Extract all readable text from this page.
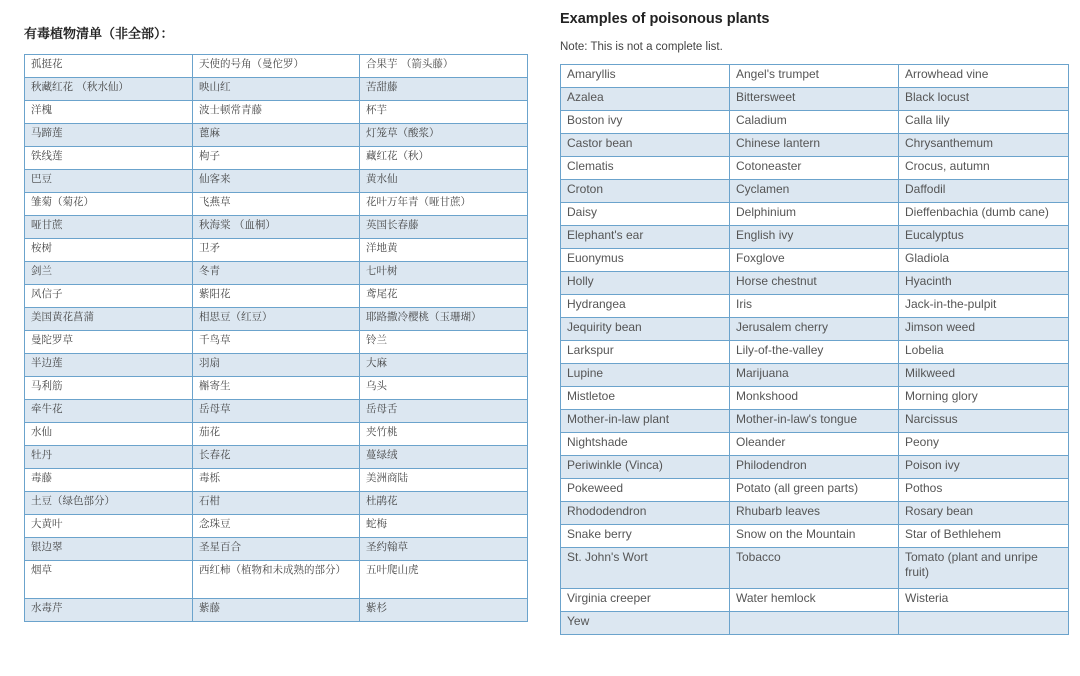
有毒植物清单（非全部）：
孤挺花	天使的号角（曼佗罗）	合果芋 （箭头藤）
秋藏红花 （秋水仙）	映山红	苦甜藤
洋槐	波士顿常青藤	杯芋
马蹄莲	蓖麻	灯笼草（酸浆）
铁线莲	枸子	藏红花（秋）
巴豆	仙客来	黄水仙
雏菊（菊花）	飞燕草	花叶万年青（哑甘蔗）
哑甘蔗	秋海棠 （血桐）	英国长春藤
桉树	卫矛	洋地黄
剑兰	冬青	七叶树
风信子	紫阳花	鸢尾花
美国黄花菖蒲	相思豆（红豆）	耶路撒冷樱桃（玉珊瑚）
曼陀罗草	千鸟草	铃兰
半边莲	羽扇	大麻
马利筋	槲寄生	乌头
牵牛花	岳母草	岳母舌
水仙	茄花	夹竹桃
牡丹	长春花	蔓绿绒
毒藤	毒栎	美洲商陆
土豆（绿色部分）	石柑	杜鹃花
大黄叶	念珠豆	蛇梅
银边翠	圣星百合	圣约翰草
烟草	西红柿（植物和未成熟的部分）	五叶爬山虎
水毒芹	紫藤	紫杉
Examples of poisonous plants
Note: This is not a complete list.
Amaryllis	Angel's trumpet	Arrowhead vine
Azalea	Bittersweet	Black locust
Boston ivy	Caladium	Calla lily
Castor bean	Chinese lantern	Chrysanthemum
Clematis	Cotoneaster	Crocus, autumn
Croton	Cyclamen	Daffodil
Daisy	Delphinium	Dieffenbachia (dumb cane)
Elephant's ear	English ivy	Eucalyptus
Euonymus	Foxglove	Gladiola
Holly	Horse chestnut	Hyacinth
Hydrangea	Iris	Jack-in-the-pulpit
Jequirity bean	Jerusalem cherry	Jimson weed
Larkspur	Lily-of-the-valley	Lobelia
Lupine	Marijuana	Milkweed
Mistletoe	Monkshood	Morning glory
Mother-in-law plant	Mother-in-law's tongue	Narcissus
Nightshade	Oleander	Peony
Periwinkle (Vinca)	Philodendron	Poison ivy
Pokeweed	Potato (all green parts)	Pothos
Rhododendron	Rhubarb leaves	Rosary bean
Snake berry	Snow on the Mountain	Star of Bethlehem
St. John's Wort	Tobacco	Tomato (plant and unripe fruit)
Virginia creeper	Water hemlock	Wisteria
Yew		
